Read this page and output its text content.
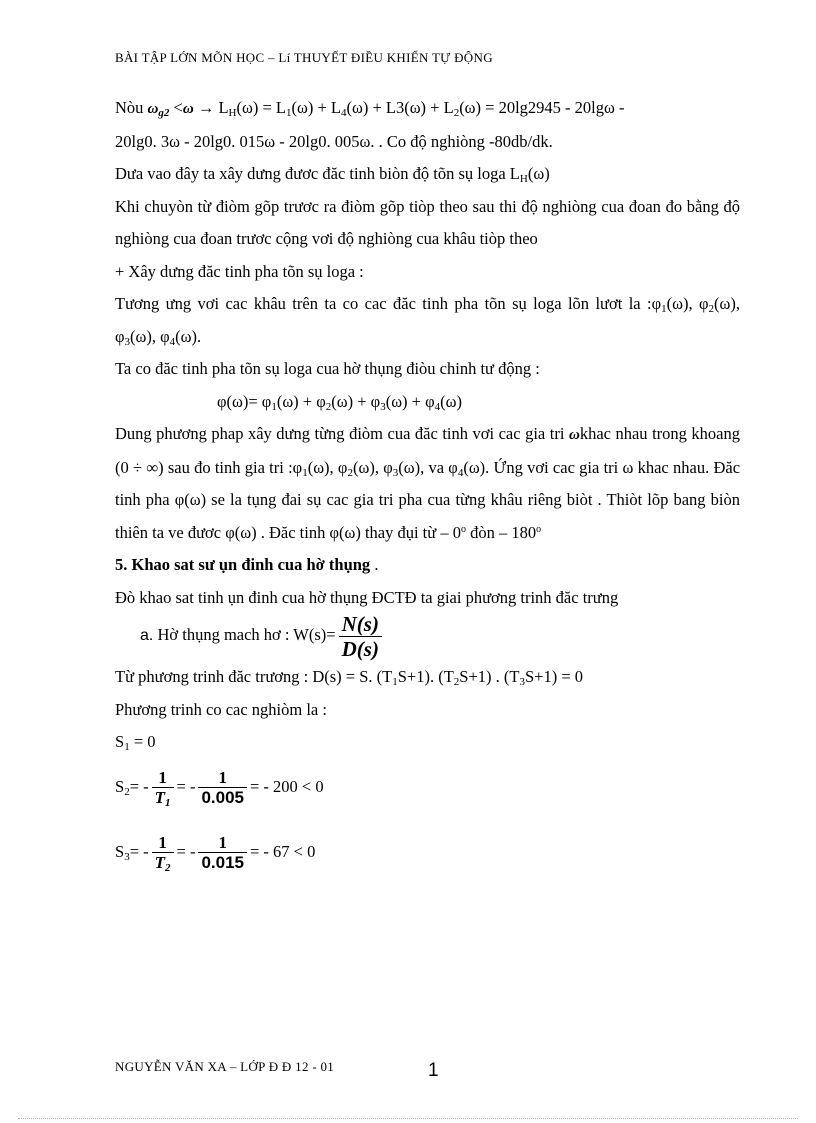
BÀI TẬP LỚN MÕN HỌC – Lí THUYẾT ĐIỀU KHIỂN TỰ ĐỘNG

Nòu $\omega_{g2} <\omega \to L_H(\omega) = L_1(\omega) + L_4(\omega) + L3(\omega) + L_2(\omega) = 20\lg 2945 - 20\lg\omega$ -

20lg0. 3ω - 20lg0. 015ω - 20lg0. 005ω. . Co độ nghiòng -80db/dk.

Dưa vao đây ta xây dưng đươc đăc tinh biòn độ tõn sụ loga $L_H(\omega)$

Khi chuyòn từ điòm gõp trươc ra điòm gõp tiòp theo sau thi độ nghiòng cua đoan đo bằng độ nghiòng cua đoan trươc cộng vơi độ nghiòng cua khâu tiòp theo

+ Xây dưng đăc tinh pha tõn sụ loga :

Tương ưng vơi cac khâu trên ta co cac đăc tinh pha tõn sụ loga lõn lươt la $:\varphi_1(\omega)$, $\varphi_2(\omega)$, $\varphi_3(\omega)$, $\varphi_4(\omega)$.

Ta co đăc tinh pha tõn sụ loga cua hờ thụng điòu chinh tư động :

$\varphi(\omega)= \varphi_1(\omega) + \varphi_2(\omega) + \varphi_3(\omega) + \varphi_4(\omega)$

Dung phương phap xây dưng từng điòm cua đăc tinh vơi cac gia tri ωkhac nhau trong khoang (0 ÷ ∞) sau đo tinh gia tri $:\varphi_1(\omega)$, $\varphi_2(\omega)$, $\varphi_3(\omega)$, va $\varphi_4(\omega)$. Ứng vơi cac gia tri ω khac nhau. Đăc tinh pha φ(ω) se la tụng đai sụ cac gia tri pha cua từng khâu riêng biòt . Thiòt lõp bang biòn thiên ta ve đươc φ(ω) . Đăc tinh φ(ω) thay đụi từ – 0$^o$ đòn – 180$^o$

5. Khao sat sư ụn đinh cua hờ thụng .

Đò khao sat tinh ụn đinh cua hờ thụng ĐCTĐ ta giai phương trinh đăc trưng

a. Hờ thụng mach hơ : $W(s)= \frac{N(s)}{D(s)}$

Từ phương trinh đăc trương : D(s) = S. $(T_1S+1)$. $(T_2S+1)$ . $(T_3S+1) = 0$

Phương trinh co cac nghiòm la :

$S_1 = 0$

$S_2= - \frac{1}{T_1}$ = - $\frac{1}{0.005}$ = - 200 < 0

$S_3= - \frac{1}{T_2}$ = - $\frac{1}{0.015}$ = - 67 < 0

NGUYỄN VĂN XA – LỚP Đ Đ 12 - 01	1
